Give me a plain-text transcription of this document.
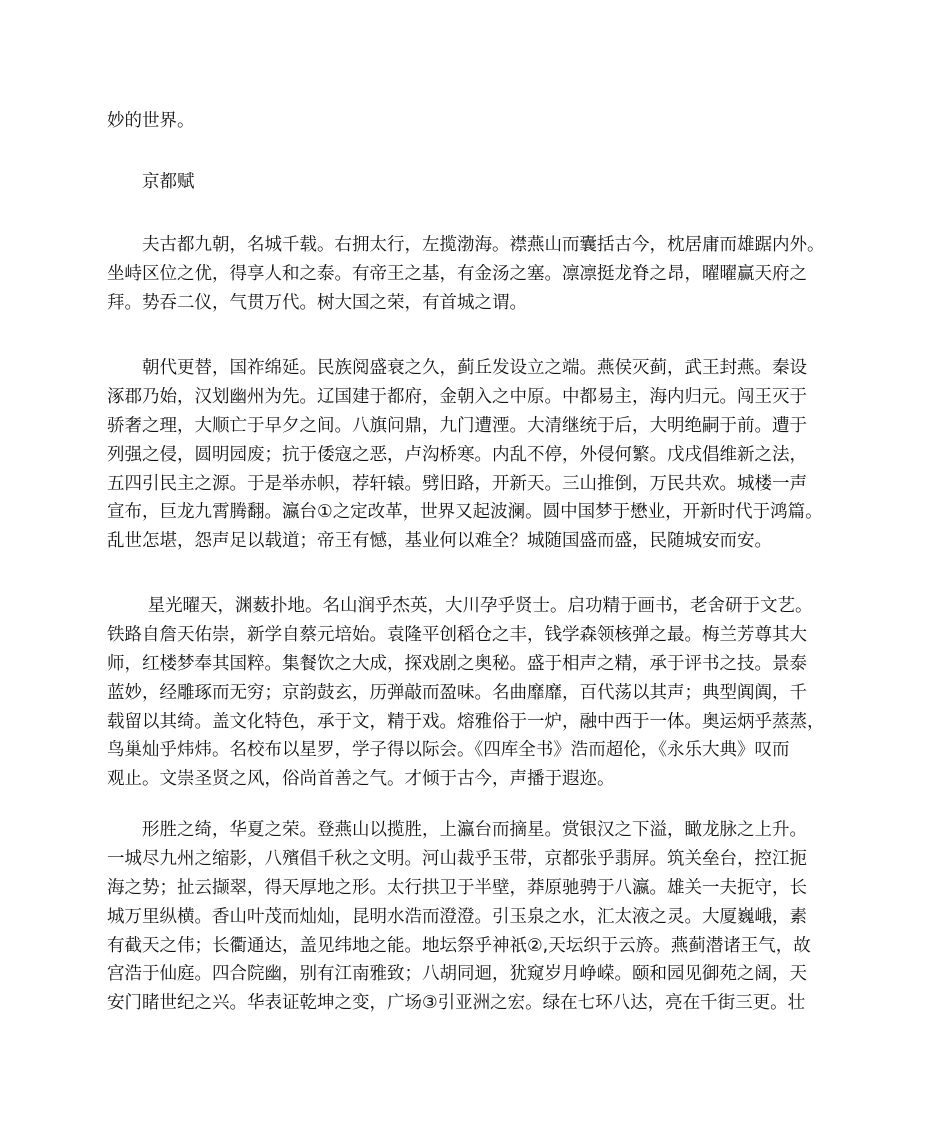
妙的世界。
　　京都赋
　　夫古都九朝，名城千载。右拥太行，左揽渤海。襟燕山而囊括古今，枕居庸而雄踞内外。
坐峙区位之优，得享人和之泰。有帝王之基，有金汤之塞。凛凛挺龙脊之昂，曜曜赢天府之
拜。势吞二仪，气贯万代。树大国之荣，有首城之谓。
　　朝代更替，国祚绵延。民族阅盛衰之久，蓟丘发设立之端。燕侯灭蓟，武王封燕。秦设
涿郡乃始，汉划幽州为先。辽国建于都府，金朝入之中原。中都易主，海内归元。闯王灭于
骄奢之理，大顺亡于早夕之间。八旗问鼎，九门遭湮。大清继统于后，大明绝嗣于前。遭于
列强之侵，圆明园废；抗于倭寇之恶，卢沟桥寒。内乱不停，外侵何繁。戊戌倡维新之法，
五四引民主之源。于是举赤帜，荐轩辕。劈旧路，开新天。三山推倒，万民共欢。城楼一声
宣布，巨龙九霄腾翻。瀛台①之定改革，世界又起波澜。圆中国梦于懋业，开新时代于鸿篇。
乱世怎堪，怨声足以载道；帝王有憾，基业何以难全？城随国盛而盛，民随城安而安。
　　 星光曜天，渊薮扑地。名山润乎杰英，大川孕乎贤士。启功精于画书，老舍研于文艺。
铁路自詹天佑崇，新学自蔡元培始。袁隆平创稻仓之丰，钱学森领核弹之最。梅兰芳尊其大
师，红楼梦奉其国粹。集餐饮之大成，探戏剧之奥秘。盛于相声之精，承于评书之技。景泰
蓝妙，经雕琢而无穷；京韵鼓玄，历弹敲而盈味。名曲靡靡，百代荡以其声；典型阗阗，千
载留以其绮。盖文化特色，承于文，精于戏。熔雅俗于一炉，融中西于一体。奥运炳乎蒸蒸，
鸟巢灿乎炜炜。名校布以星罗，学子得以际会。《四库全书》浩而超伦，《永乐大典》叹而
观止。文崇圣贤之风，俗尚首善之气。才倾于古今，声播于遐迩。
　　形胜之绮，华夏之荣。登燕山以揽胜，上瀛台而摘星。赏银汉之下溢，瞰龙脉之上升。
一城尽九州之缩影，八殯倡千秋之文明。河山裁乎玉带，京都张乎翡屏。筑关垒台，控江扼
海之势；扯云撷翠，得天厚地之形。太行拱卫于半壁，莽原驰骋于八瀛。雄关一夫扼守，长
城万里纵横。香山叶茂而灿灿，昆明水浩而澄澄。引玉泉之水，汇太液之灵。大厦巍峨，素
有截天之伟；长衢通达，盖见纬地之能。地坛祭乎神祇②,天坛织于云旍。燕蓟潜诸王气，故
宫浩于仙庭。四合院幽，别有江南雅致；八胡同迴，犹窥岁月峥嵘。颐和园见御苑之阔，天
安门睹世纪之兴。华表证乾坤之变，广场③引亚洲之宏。绿在七环八达，亮在千街三更。壮
